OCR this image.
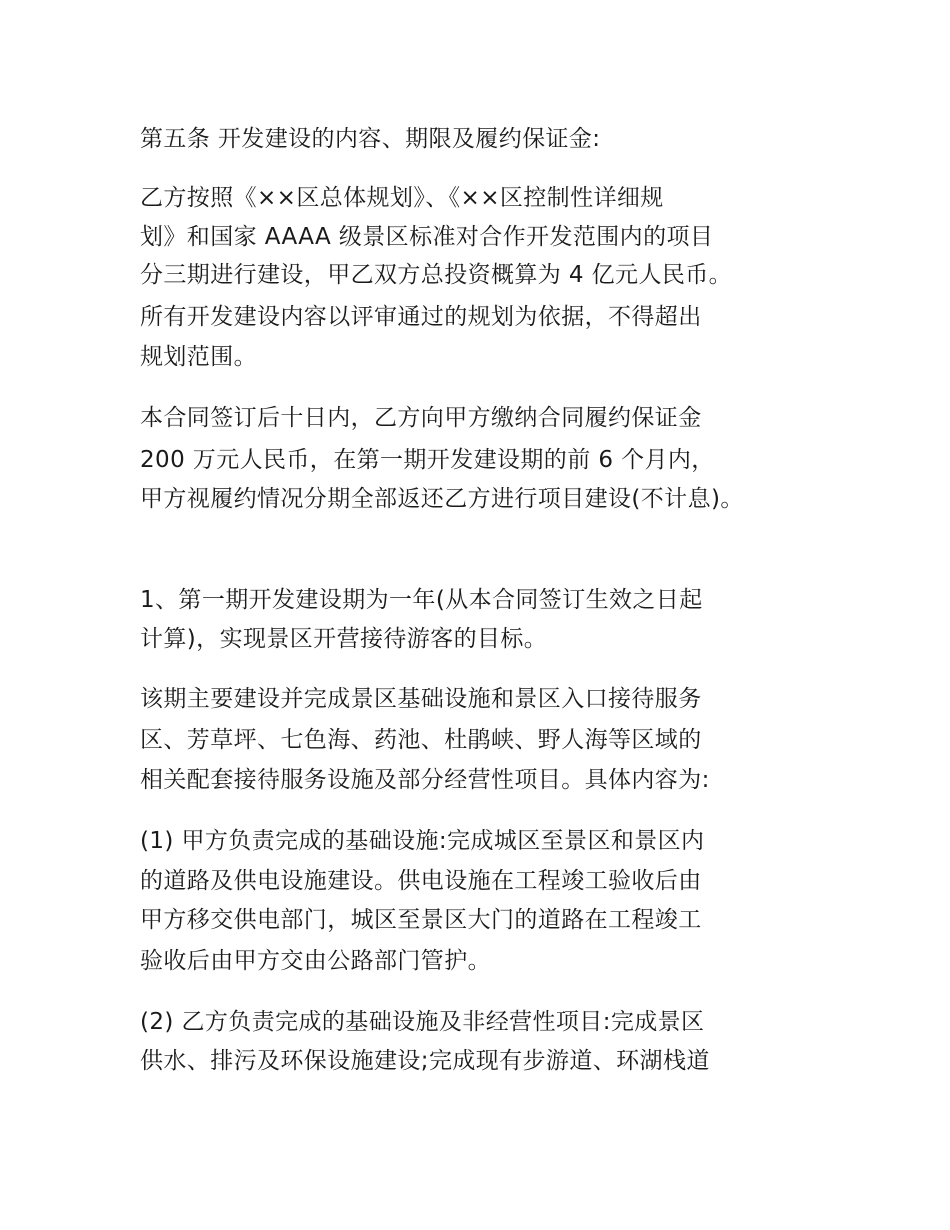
第五条 开发建设的内容、期限及履约保证金:
乙方按照《××区总体规划》、《××区控制性详细规
划》和国家 AAAA 级景区标准对合作开发范围内的项目
分三期进行建设，甲乙双方总投资概算为 4 亿元人民币。
所有开发建设内容以评审通过的规划为依据，不得超出
规划范围。
本合同签订后十日内，乙方向甲方缴纳合同履约保证金
200 万元人民币，在第一期开发建设期的前 6 个月内，
甲方视履约情况分期全部返还乙方进行项目建设(不计息)。
1、第一期开发建设期为一年(从本合同签订生效之日起
计算)，实现景区开营接待游客的目标。
该期主要建设并完成景区基础设施和景区入口接待服务
区、芳草坪、七色海、药池、杜鹃峡、野人海等区域的
相关配套接待服务设施及部分经营性项目。具体内容为:
(1) 甲方负责完成的基础设施:完成城区至景区和景区内
的道路及供电设施建设。供电设施在工程竣工验收后由
甲方移交供电部门，城区至景区大门的道路在工程竣工
验收后由甲方交由公路部门管护。
(2) 乙方负责完成的基础设施及非经营性项目:完成景区
供水、排污及环保设施建设;完成现有步游道、环湖栈道
